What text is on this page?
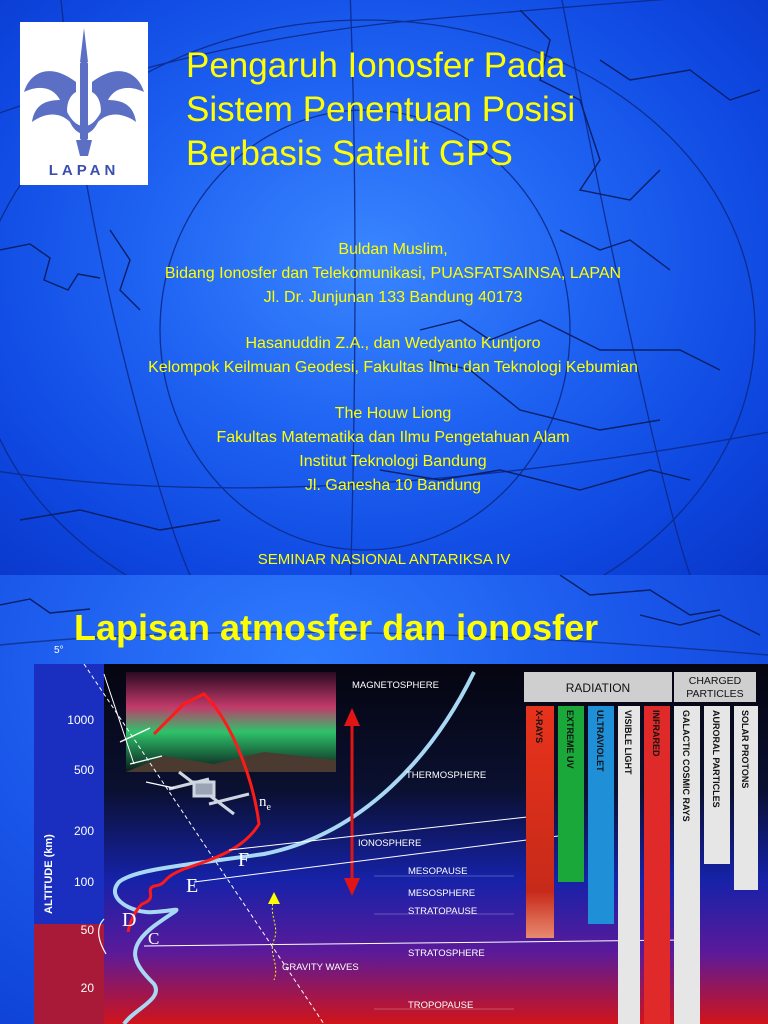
LAPAN
Pengaruh Ionosfer Pada
Sistem Penentuan Posisi
Berbasis Satelit GPS
Buldan Muslim,
Bidang Ionosfer dan Telekomunikasi, PUASFATSAINSA, LAPAN
Jl. Dr. Junjunan 133 Bandung 40173
Hasanuddin Z.A., dan Wedyanto Kuntjoro
Kelompok Keilmuan Geodesi, Fakultas Ilmu dan Teknologi Kebumian
The Houw Liong
Fakultas Matematika dan Ilmu Pengetahuan Alam
Institut Teknologi Bandung
Jl. Ganesha 10 Bandung
SEMINAR NASIONAL ANTARIKSA IV
5°
Lapisan atmosfer dan ionosfer
ALTITUDE (km)
1000
500
200
100
50
20
MAGNETOSPHERE
THERMOSPHERE
IONOSPHERE
MESOPAUSE
MESOSPHERE
STRATOPAUSE
STRATOSPHERE
TROPOPAUSE
GRAVITY WAVES
$n_e$
F
E
D
C
RADIATION	CHARGED
PARTICLES
X-RAYS EXTREME UV ULTRAVIOLET VISIBLE LIGHT INFRARED GALACTIC COSMIC RAYS AURORAL PARTICLES SOLAR PROTONS
